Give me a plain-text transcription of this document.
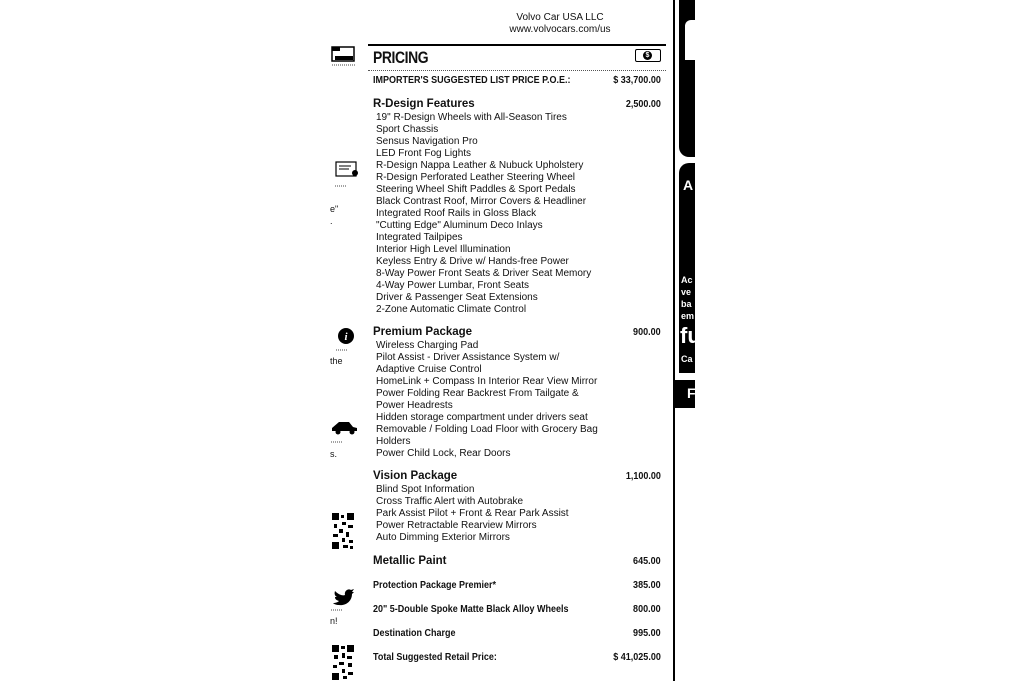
Volvo Car USA LLC
www.volvocars.com/us
e"
.
i
the
s.
n!
PRICING	$
IMPORTER'S SUGGESTED LIST PRICE P.O.E.:	$ 33,700.00
R-Design Features	2,500.00
19" R-Design Wheels with All-Season Tires
Sport Chassis
Sensus Navigation Pro
LED Front Fog Lights
R-Design Nappa Leather & Nubuck Upholstery
R-Design Perforated Leather Steering Wheel
Steering Wheel Shift Paddles & Sport Pedals
Black Contrast Roof, Mirror Covers & Headliner
Integrated Roof Rails in Gloss Black
"Cutting Edge" Aluminum Deco Inlays
Integrated Tailpipes
Interior High Level Illumination
Keyless Entry & Drive w/ Hands-free Power
8-Way Power Front Seats & Driver Seat Memory
4-Way Power Lumbar, Front Seats
Driver & Passenger Seat Extensions
2-Zone Automatic Climate Control
Premium Package	900.00
Wireless Charging Pad
Pilot Assist - Driver Assistance System w/
Adaptive Cruise Control
HomeLink + Compass In Interior Rear View Mirror
Power Folding Rear Backrest From Tailgate &
Power Headrests
Hidden storage compartment under drivers seat
Removable / Folding Load Floor with Grocery Bag
Holders
Power Child Lock, Rear Doors
Vision Package	1,100.00
Blind Spot Information
Cross Traffic Alert with Autobrake
Park Assist Pilot + Front & Rear Park Assist
Power Retractable Rearview Mirrors
Auto Dimming Exterior Mirrors
Metallic Paint	645.00
Protection Package Premier*	385.00
20" 5-Double Spoke Matte Black Alloy Wheels	800.00
Destination Charge	995.00
Total Suggested Retail Price:	$ 41,025.00
A
Ac
ve
ba
em
fu
Ca
F
